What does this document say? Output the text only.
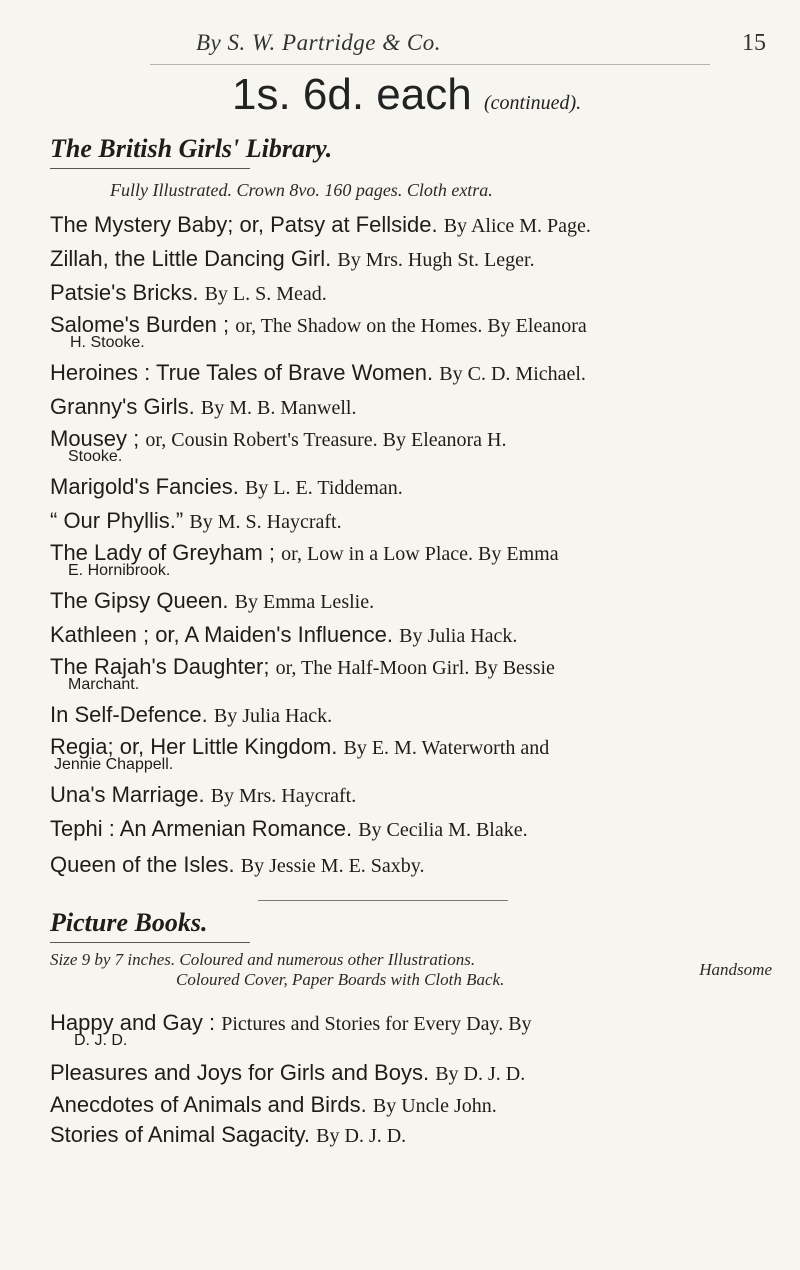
By S. W. Partridge & Co.	15
1s. 6d. each (continued).
The British Girls' Library.
Fully Illustrated. Crown 8vo. 160 pages. Cloth extra.
The Mystery Baby; or, Patsy at Fellside. By Alice M. Page.
Zillah, the Little Dancing Girl. By Mrs. Hugh St. Leger.
Patsie's Bricks. By L. S. Mead.
Salome's Burden ; or, The Shadow on the Homes. By Eleanora

H. Stooke.
Heroines : True Tales of Brave Women. By C. D. Michael.
Granny's Girls. By M. B. Manwell.
Mousey ; or, Cousin Robert's Treasure. By Eleanora H.
Stooke.
Marigold's Fancies. By L. E. Tiddeman.
“ Our Phyllis.” By M. S. Haycraft.
The Lady of Greyham ; or, Low in a Low Place. By Emma
E. Hornibrook.
The Gipsy Queen. By Emma Leslie.
Kathleen ; or, A Maiden's Influence. By Julia Hack.
The Rajah's Daughter; or, The Half-Moon Girl. By Bessie
Marchant.
In Self-Defence. By Julia Hack.
Regia; or, Her Little Kingdom. By E. M. Waterworth and
Jennie Chappell.
Una's Marriage. By Mrs. Haycraft.
Tephi : An Armenian Romance. By Cecilia M. Blake.
Queen of the Isles. By Jessie M. E. Saxby.
Picture Books.
Size 9 by 7 inches. Coloured and numerous other Illustrations.
Coloured Cover, Paper Boards with Cloth Back.
Handsome
Happy and Gay : Pictures and Stories for Every Day. By
D. J. D.
Pleasures and Joys for Girls and Boys. By D. J. D.
Anecdotes of Animals and Birds. By Uncle John.
Stories of Animal Sagacity. By D. J. D.
